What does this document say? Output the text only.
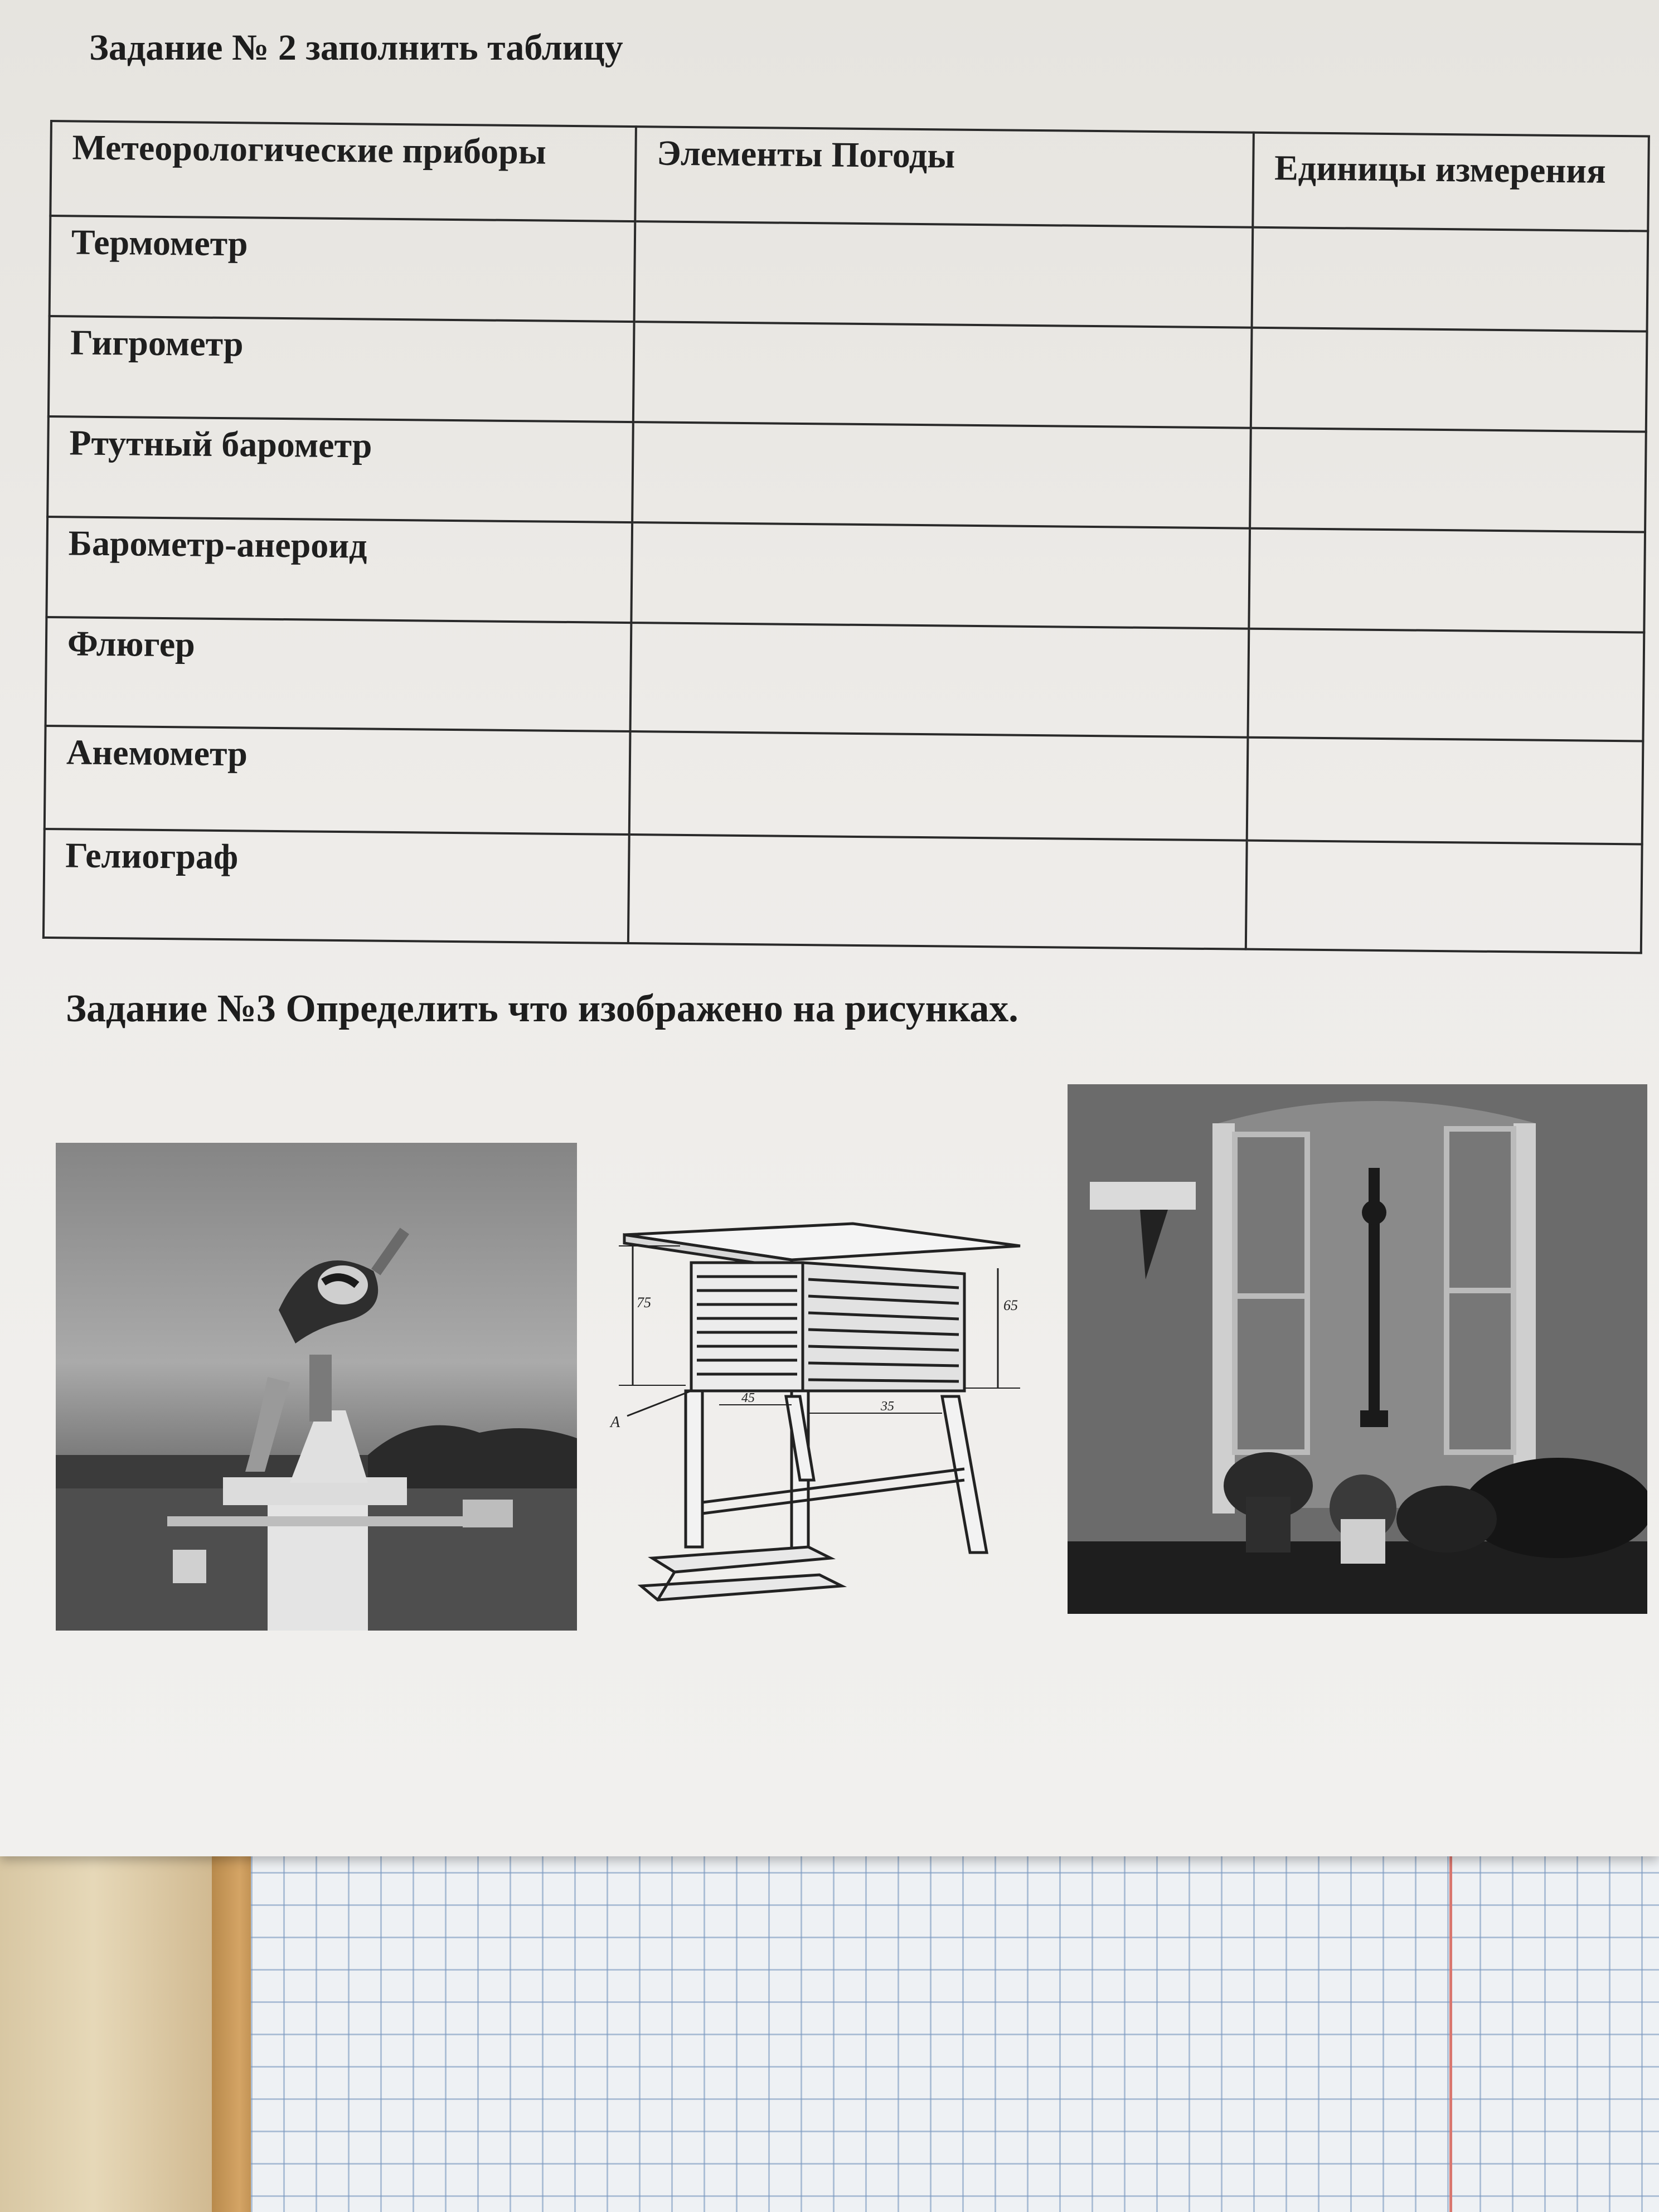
Задание № 2 заполнить таблицу
Метеорологические приборы	Элементы Погоды	Единицы измерения
Термометр		
Гигрометр		
Ртутный барометр		
Барометр-анероид		
Флюгер		
Анемометр		
Гелиограф		
Задание №3 Определить что изображено на рисунках.
75	65
45
35
А
